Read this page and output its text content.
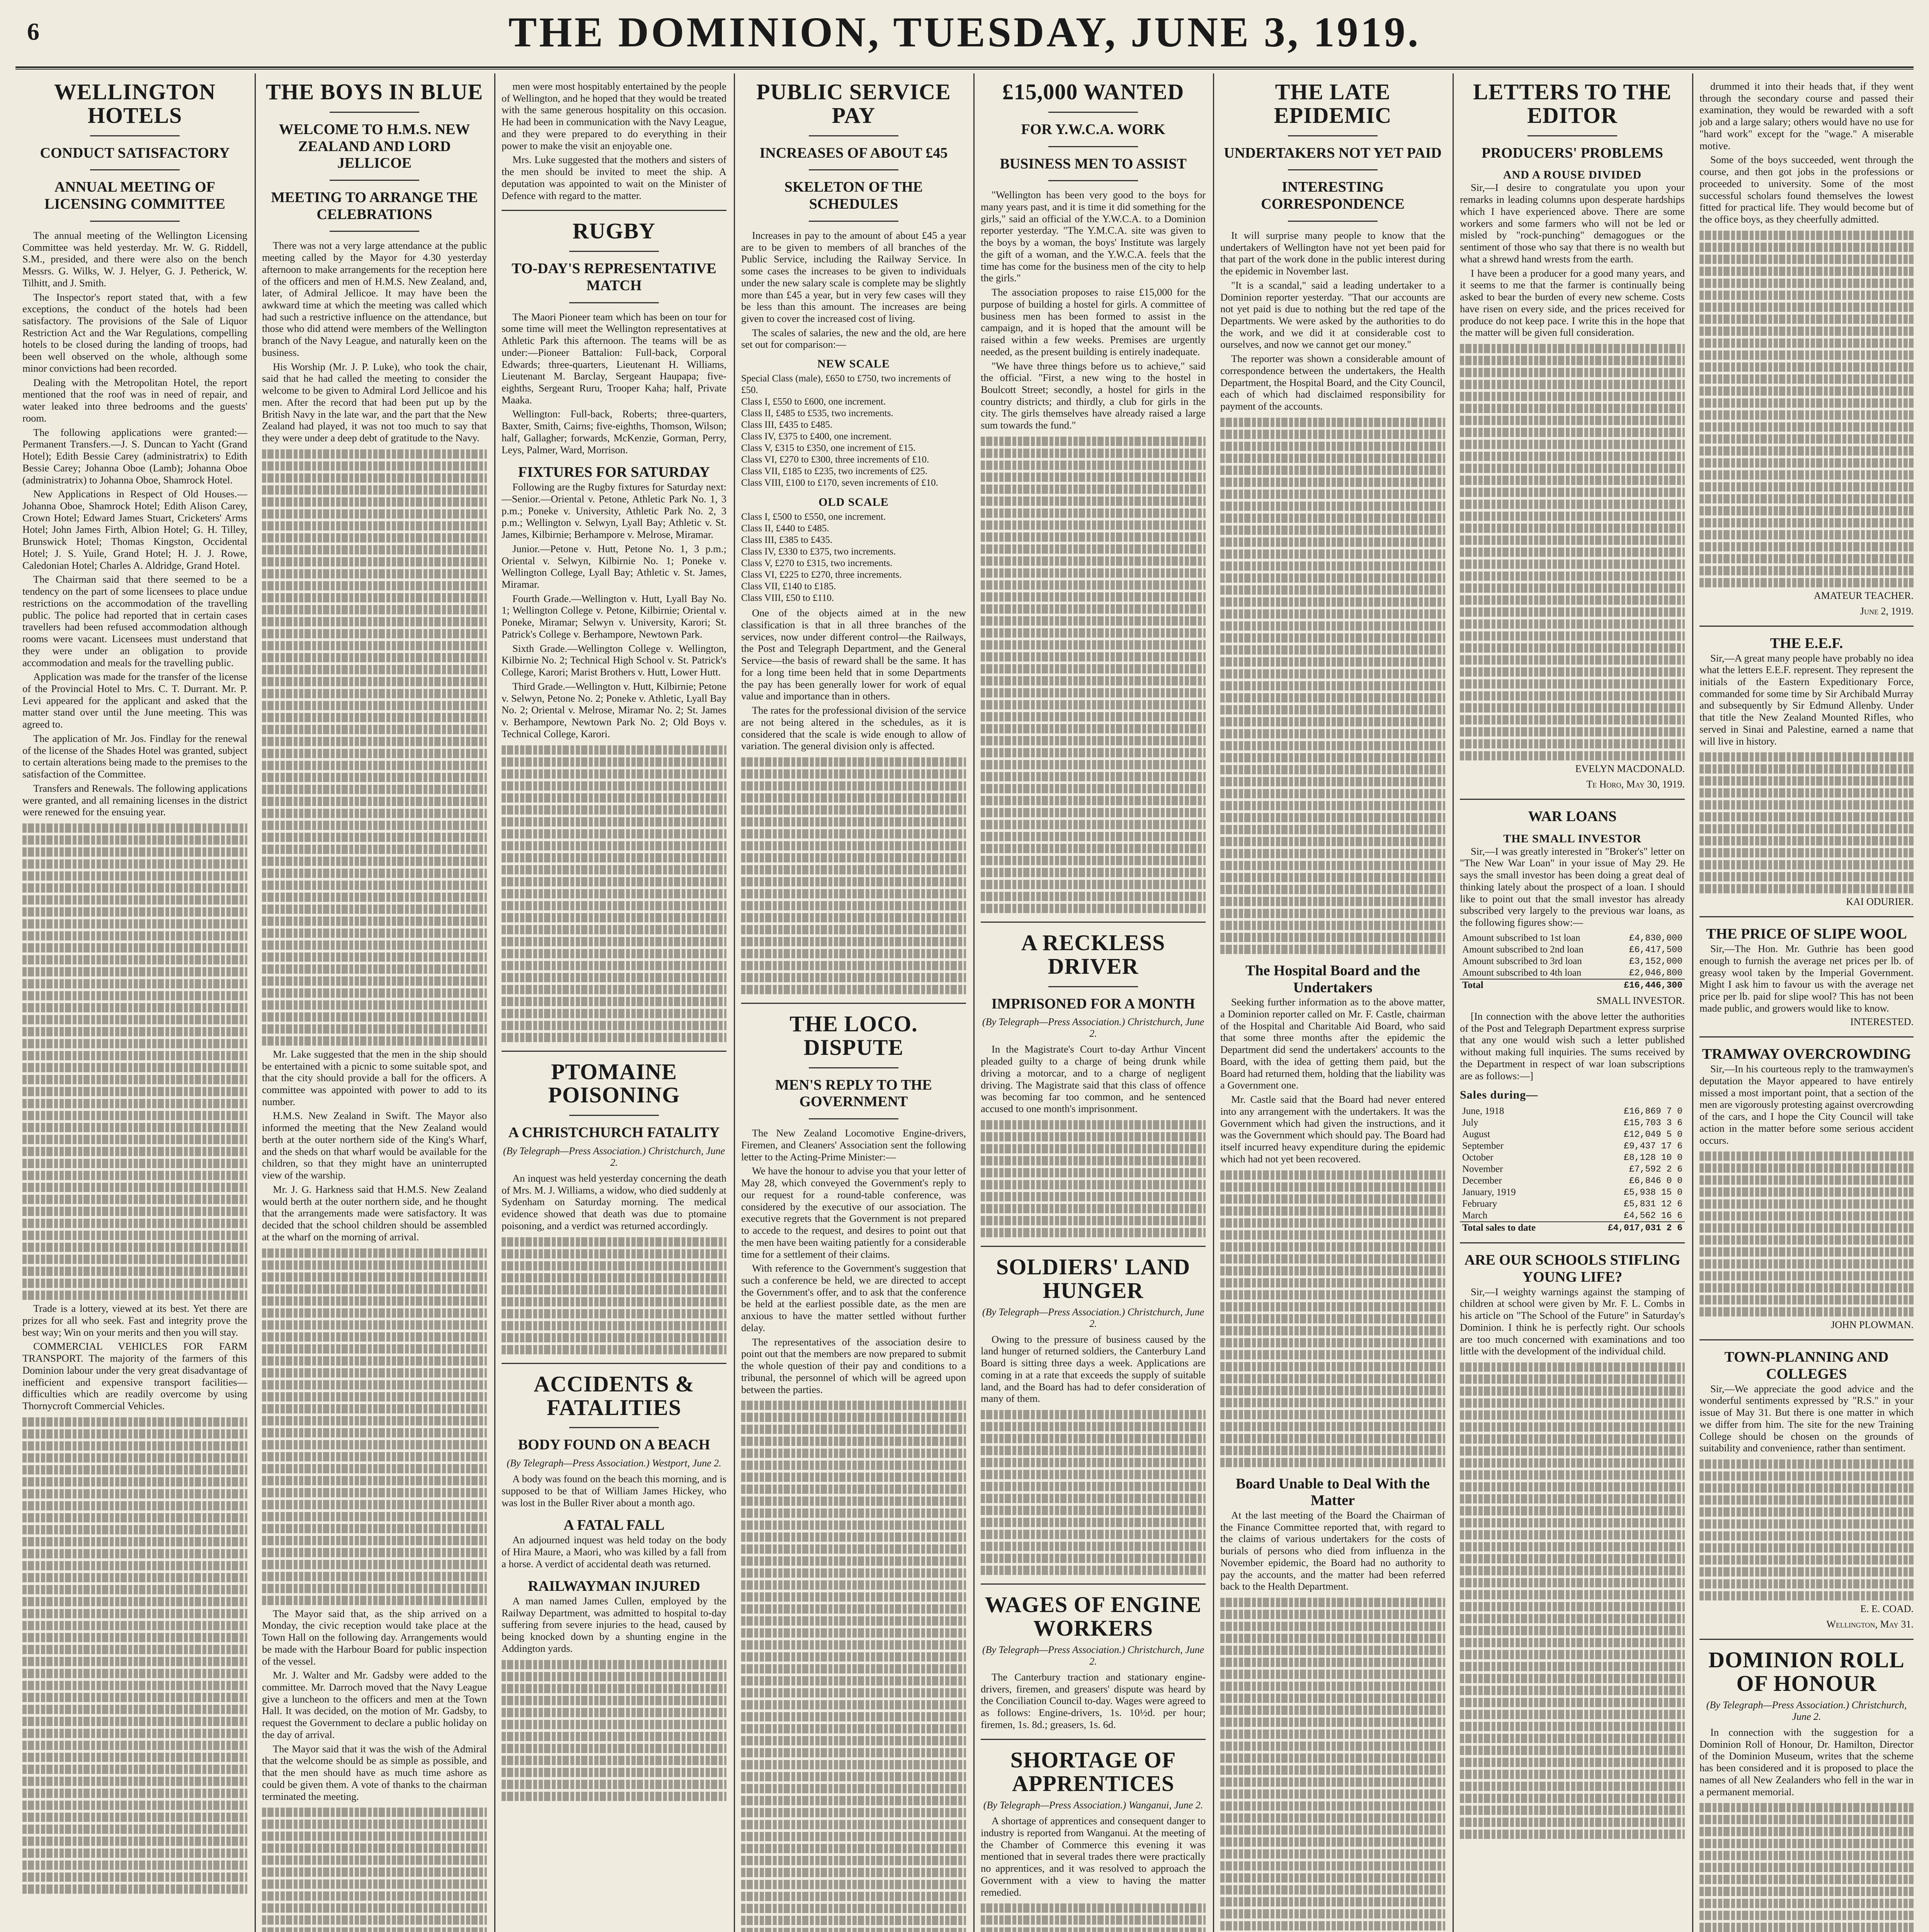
6	THE DOMINION, TUESDAY, JUNE 3, 1919.
WELLINGTON HOTELS
CONDUCT SATISFACTORY
ANNUAL MEETING OF LICENSING COMMITTEE

The annual meeting of the Wellington Licensing Committee was held yesterday. Mr. W. G. Riddell, S.M., presided, and there were also on the bench Messrs. G. Wilks, W. J. Helyer, G. J. Petherick, W. Tilhitt, and J. Smith.

The Inspector's report stated that, with a few exceptions, the conduct of the hotels had been satisfactory. The provisions of the Sale of Liquor Restriction Act and the War Regulations, compelling hotels to be closed during the landing of troops, had been well observed on the whole, although some minor convictions had been recorded.

Dealing with the Metropolitan Hotel, the report mentioned that the roof was in need of repair, and water leaked into three bedrooms and the guests' room.

The following applications were granted:—Permanent Transfers.—J. S. Duncan to Yacht (Grand Hotel); Edith Bessie Carey (administratrix) to Edith Bessie Carey; Johanna Oboe (Lamb); Johanna Oboe (administratrix) to Johanna Oboe, Shamrock Hotel.

New Applications in Respect of Old Houses.—Johanna Oboe, Shamrock Hotel; Edith Alison Carey, Crown Hotel; Edward James Stuart, Cricketers' Arms Hotel; John James Firth, Albion Hotel; G. H. Tilley, Brunswick Hotel; Thomas Kingston, Occidental Hotel; J. S. Yuile, Grand Hotel; H. J. J. Rowe, Caledonian Hotel; Charles A. Aldridge, Grand Hotel.

The Chairman said that there seemed to be a tendency on the part of some licensees to place undue restrictions on the accommodation of the travelling public. The police had reported that in certain cases travellers had been refused accommodation although rooms were vacant. Licensees must understand that they were under an obligation to provide accommodation and meals for the travelling public.

Application was made for the transfer of the license of the Provincial Hotel to Mrs. C. T. Durrant. Mr. P. Levi appeared for the applicant and asked that the matter stand over until the June meeting. This was agreed to.

The application of Mr. Jos. Findlay for the renewal of the license of the Shades Hotel was granted, subject to certain alterations being made to the premises to the satisfaction of the Committee.

Transfers and Renewals. The following applications were granted, and all remaining licenses in the district were renewed for the ensuing year.

Trade is a lottery, viewed at its best. Yet there are prizes for all who seek. Fast and integrity prove the best way; Win on your merits and then you will stay.

COMMERCIAL VEHICLES FOR FARM TRANSPORT. The majority of the farmers of this Dominion labour under the very great disadvantage of inefficient and expensive transport facilities—difficulties which are readily overcome by using Thornycroft Commercial Vehicles.

THE BOYS IN BLUE
WELCOME TO H.M.S. NEW ZEALAND AND LORD JELLICOE
MEETING TO ARRANGE THE CELEBRATIONS

There was not a very large attendance at the public meeting called by the Mayor for 4.30 yesterday afternoon to make arrangements for the reception here of the officers and men of H.M.S. New Zealand, and, later, of Admiral Jellicoe. It may have been the awkward time at which the meeting was called which had such a restrictive influence on the attendance, but those who did attend were members of the Wellington branch of the Navy League, and naturally keen on the business.

His Worship (Mr. J. P. Luke), who took the chair, said that he had called the meeting to consider the welcome to be given to Admiral Lord Jellicoe and his men. After the record that had been put up by the British Navy in the late war, and the part that the New Zealand had played, it was not too much to say that they were under a deep debt of gratitude to the Navy.

Mr. Lake suggested that the men in the ship should be entertained with a picnic to some suitable spot, and that the city should provide a ball for the officers. A committee was appointed with power to add to its number.

H.M.S. New Zealand in Swift. The Mayor also informed the meeting that the New Zealand would berth at the outer northern side of the King's Wharf, and the sheds on that wharf would be available for the children, so that they might have an uninterrupted view of the warship.

Mr. J. G. Harkness said that H.M.S. New Zealand would berth at the outer northern side, and he thought that the arrangements made were satisfactory. It was decided that the school children should be assembled at the wharf on the morning of arrival.

The Mayor said that, as the ship arrived on a Monday, the civic reception would take place at the Town Hall on the following day. Arrangements would be made with the Harbour Board for public inspection of the vessel.

Mr. J. Walter and Mr. Gadsby were added to the committee. Mr. Darroch moved that the Navy League give a luncheon to the officers and men at the Town Hall. It was decided, on the motion of Mr. Gadsby, to request the Government to declare a public holiday on the day of arrival.

The Mayor said that it was the wish of the Admiral that the welcome should be as simple as possible, and that the men should have as much time ashore as could be given them. A vote of thanks to the chairman terminated the meeting.

men were most hospitably entertained by the people of Wellington, and he hoped that they would be treated with the same generous hospitality on this occasion. He had been in communication with the Navy League, and they were prepared to do everything in their power to make the visit an enjoyable one.

Mrs. Luke suggested that the mothers and sisters of the men should be invited to meet the ship. A deputation was appointed to wait on the Minister of Defence with regard to the matter.

RUGBY
TO-DAY'S REPRESENTATIVE MATCH

The Maori Pioneer team which has been on tour for some time will meet the Wellington representatives at Athletic Park this afternoon. The teams will be as under:—Pioneer Battalion: Full-back, Corporal Edwards; three-quarters, Lieutenant H. Williams, Lieutenant M. Barclay, Sergeant Haupapa; five-eighths, Sergeant Ruru, Trooper Kaha; half, Private Maaka.

Wellington: Full-back, Roberts; three-quarters, Baxter, Smith, Cairns; five-eighths, Thomson, Wilson; half, Gallagher; forwards, McKenzie, Gorman, Perry, Leys, Palmer, Ward, Morrison.

FIXTURES FOR SATURDAY

Following are the Rugby fixtures for Saturday next:—Senior.—Oriental v. Petone, Athletic Park No. 1, 3 p.m.; Poneke v. University, Athletic Park No. 2, 3 p.m.; Wellington v. Selwyn, Lyall Bay; Athletic v. St. James, Kilbirnie; Berhampore v. Melrose, Miramar.

Junior.—Petone v. Hutt, Petone No. 1, 3 p.m.; Oriental v. Selwyn, Kilbirnie No. 1; Poneke v. Wellington College, Lyall Bay; Athletic v. St. James, Miramar.

Fourth Grade.—Wellington v. Hutt, Lyall Bay No. 1; Wellington College v. Petone, Kilbirnie; Oriental v. Poneke, Miramar; Selwyn v. University, Karori; St. Patrick's College v. Berhampore, Newtown Park.

Sixth Grade.—Wellington College v. Wellington, Kilbirnie No. 2; Technical High School v. St. Patrick's College, Karori; Marist Brothers v. Hutt, Lower Hutt.

Third Grade.—Wellington v. Hutt, Kilbirnie; Petone v. Selwyn, Petone No. 2; Poneke v. Athletic, Lyall Bay No. 2; Oriental v. Melrose, Miramar No. 2; St. James v. Berhampore, Newtown Park No. 2; Old Boys v. Technical College, Karori.

PTOMAINE POISONING
A CHRISTCHURCH FATALITY
(By Telegraph—Press Association.) Christchurch, June 2.

An inquest was held yesterday concerning the death of Mrs. M. J. Williams, a widow, who died suddenly at Sydenham on Saturday morning. The medical evidence showed that death was due to ptomaine poisoning, and a verdict was returned accordingly.

ACCIDENTS & FATALITIES
BODY FOUND ON A BEACH
(By Telegraph—Press Association.) Westport, June 2.

A body was found on the beach this morning, and is supposed to be that of William James Hickey, who was lost in the Buller River about a month ago.

A FATAL FALL

An adjourned inquest was held today on the body of Hira Maure, a Maori, who was killed by a fall from a horse. A verdict of accidental death was returned.

RAILWAYMAN INJURED

A man named James Cullen, employed by the Railway Department, was admitted to hospital to-day suffering from severe injuries to the head, caused by being knocked down by a shunting engine in the Addington yards.

PUBLIC SERVICE PAY
INCREASES OF ABOUT £45
SKELETON OF THE SCHEDULES

Increases in pay to the amount of about £45 a year are to be given to members of all branches of the Public Service, including the Railway Service. In some cases the increases to be given to individuals under the new salary scale is complete may be slightly more than £45 a year, but in very few cases will they be less than this amount. The increases are being given to cover the increased cost of living.

The scales of salaries, the new and the old, are here set out for comparison:—

NEW SCALE
Special Class (male), £650 to £750, two increments of £50.
Class I, £550 to £600, one increment.
Class II, £485 to £535, two increments.
Class III, £435 to £485.
Class IV, £375 to £400, one increment.
Class V, £315 to £350, one increment of £15.
Class VI, £270 to £300, three increments of £10.
Class VII, £185 to £235, two increments of £25.
Class VIII, £100 to £170, seven increments of £10.
OLD SCALE
Class I, £500 to £550, one increment.
Class II, £440 to £485.
Class III, £385 to £435.
Class IV, £330 to £375, two increments.
Class V, £270 to £315, two increments.
Class VI, £225 to £270, three increments.
Class VII, £140 to £185.
Class VIII, £50 to £110.

One of the objects aimed at in the new classification is that in all three branches of the services, now under different control—the Railways, the Post and Telegraph Department, and the General Service—the basis of reward shall be the same. It has for a long time been held that in some Departments the pay has been generally lower for work of equal value and importance than in others.

The rates for the professional division of the service are not being altered in the schedules, as it is considered that the scale is wide enough to allow of variation. The general division only is affected.

THE LOCO. DISPUTE
MEN'S REPLY TO THE GOVERNMENT

The New Zealand Locomotive Engine-drivers, Firemen, and Cleaners' Association sent the following letter to the Acting-Prime Minister:—

We have the honour to advise you that your letter of May 28, which conveyed the Government's reply to our request for a round-table conference, was considered by the executive of our association. The executive regrets that the Government is not prepared to accede to the request, and desires to point out that the men have been waiting patiently for a considerable time for a settlement of their claims.

With reference to the Government's suggestion that such a conference be held, we are directed to accept the Government's offer, and to ask that the conference be held at the earliest possible date, as the men are anxious to have the matter settled without further delay.

The representatives of the association desire to point out that the members are now prepared to submit the whole question of their pay and conditions to a tribunal, the personnel of which will be agreed upon between the parties.

£15,000 WANTED
FOR Y.W.C.A. WORK
BUSINESS MEN TO ASSIST

"Wellington has been very good to the boys for many years past, and it is time it did something for the girls," said an official of the Y.W.C.A. to a Dominion reporter yesterday. "The Y.M.C.A. site was given to the boys by a woman, the boys' Institute was largely the gift of a woman, and the Y.W.C.A. feels that the time has come for the business men of the city to help the girls."

The association proposes to raise £15,000 for the purpose of building a hostel for girls. A committee of business men has been formed to assist in the campaign, and it is hoped that the amount will be raised within a few weeks. Premises are urgently needed, as the present building is entirely inadequate.

"We have three things before us to achieve," said the official. "First, a new wing to the hostel in Boulcott Street; secondly, a hostel for girls in the country districts; and thirdly, a club for girls in the city. The girls themselves have already raised a large sum towards the fund."

A RECKLESS DRIVER
IMPRISONED FOR A MONTH
(By Telegraph—Press Association.) Christchurch, June 2.

In the Magistrate's Court to-day Arthur Vincent pleaded guilty to a charge of being drunk while driving a motorcar, and to a charge of negligent driving. The Magistrate said that this class of offence was becoming far too common, and he sentenced accused to one month's imprisonment.

SOLDIERS' LAND HUNGER
(By Telegraph—Press Association.) Christchurch, June 2.

Owing to the pressure of business caused by the land hunger of returned soldiers, the Canterbury Land Board is sitting three days a week. Applications are coming in at a rate that exceeds the supply of suitable land, and the Board has had to defer consideration of many of them.

WAGES OF ENGINE WORKERS
(By Telegraph—Press Association.) Christchurch, June 2.

The Canterbury traction and stationary engine-drivers, firemen, and greasers' dispute was heard by the Conciliation Council to-day. Wages were agreed to as follows: Engine-drivers, 1s. 10½d. per hour; firemen, 1s. 8d.; greasers, 1s. 6d.

SHORTAGE OF APPRENTICES
(By Telegraph—Press Association.) Wanganui, June 2.

A shortage of apprentices and consequent danger to industry is reported from Wanganui. At the meeting of the Chamber of Commerce this evening it was mentioned that in several trades there were practically no apprentices, and it was resolved to approach the Government with a view to having the matter remedied.

THE LATE EPIDEMIC
UNDERTAKERS NOT YET PAID
INTERESTING CORRESPONDENCE

It will surprise many people to know that the undertakers of Wellington have not yet been paid for that part of the work done in the public interest during the epidemic in November last.

"It is a scandal," said a leading undertaker to a Dominion reporter yesterday. "That our accounts are not yet paid is due to nothing but the red tape of the Departments. We were asked by the authorities to do the work, and we did it at considerable cost to ourselves, and now we cannot get our money."

The reporter was shown a considerable amount of correspondence between the undertakers, the Health Department, the Hospital Board, and the City Council, each of which had disclaimed responsibility for payment of the accounts.

The Hospital Board and the Undertakers

Seeking further information as to the above matter, a Dominion reporter called on Mr. F. Castle, chairman of the Hospital and Charitable Aid Board, who said that some three months after the epidemic the Department did send the undertakers' accounts to the Board, with the idea of getting them paid, but the Board had returned them, holding that the liability was a Government one.

Mr. Castle said that the Board had never entered into any arrangement with the undertakers. It was the Government which had given the instructions, and it was the Government which should pay. The Board had itself incurred heavy expenditure during the epidemic which had not yet been recovered.

Board Unable to Deal With the Matter

At the last meeting of the Board the Chairman of the Finance Committee reported that, with regard to the claims of various undertakers for the costs of burials of persons who died from influenza in the November epidemic, the Board had no authority to pay the accounts, and the matter had been referred back to the Health Department.

LETTERS TO THE EDITOR
PRODUCERS' PROBLEMS
AND A ROUSE DIVIDED

Sir,—I desire to congratulate you upon your remarks in leading columns upon desperate hardships which I have experienced above. There are some workers and some farmers who will not be led or misled by "rock-punching" demagogues or the sentiment of those who say that there is no wealth but what a shrewd hand wrests from the earth.

I have been a producer for a good many years, and it seems to me that the farmer is continually being asked to bear the burden of every new scheme. Costs have risen on every side, and the prices received for produce do not keep pace. I write this in the hope that the matter will be given full consideration.

EVELYN MACDONALD.
Te Horo, May 30, 1919.
WAR LOANS
THE SMALL INVESTOR

Sir,—I was greatly interested in "Broker's" letter on "The New War Loan" in your issue of May 29. He says the small investor has been doing a great deal of thinking lately about the prospect of a loan. I should like to point out that the small investor has already subscribed very largely to the previous war loans, as the following figures show:—

Amount subscribed to 1st loan	£4,830,000
Amount subscribed to 2nd loan	£6,417,500
Amount subscribed to 3rd loan	£3,152,000
Amount subscribed to 4th loan	£2,046,800
Total	£16,446,300
SMALL INVESTOR.

[In connection with the above letter the authorities of the Post and Telegraph Department express surprise that any one would wish such a letter published without making full inquiries. The sums received by the Department in respect of war loan subscriptions are as follows:—]

Sales during—
June, 1918	£16,869 7 0
July	£15,703 3 6
August	£12,049 5 0
September	£9,437 17 6
October	£8,128 10 0
November	£7,592 2 6
December	£6,846 0 0
January, 1919	£5,938 15 0
February	£5,831 12 6
March	£4,562 16 6
Total sales to date	£4,017,031 2 6
ARE OUR SCHOOLS STIFLING YOUNG LIFE?

Sir,—I weighty warnings against the stamping of children at school were given by Mr. F. L. Combs in his article on "The School of the Future" in Saturday's Dominion. I think he is perfectly right. Our schools are too much concerned with examinations and too little with the development of the individual child.

drummed it into their heads that, if they went through the secondary course and passed their examination, they would be rewarded with a soft job and a large salary; others would have no use for "hard work" except for the "wage." A miserable motive.

Some of the boys succeeded, went through the course, and then got jobs in the professions or proceeded to university. Some of the most successful scholars found themselves the lowest fitted for practical life. They would become but of the office boys, as they cheerfully admitted.

AMATEUR TEACHER.
June 2, 1919.
THE E.E.F.

Sir,—A great many people have probably no idea what the letters E.E.F. represent. They represent the initials of the Eastern Expeditionary Force, commanded for some time by Sir Archibald Murray and subsequently by Sir Edmund Allenby. Under that title the New Zealand Mounted Rifles, who served in Sinai and Palestine, earned a name that will live in history.

KAI ODURIER.
THE PRICE OF SLIPE WOOL

Sir,—The Hon. Mr. Guthrie has been good enough to furnish the average net prices per lb. of greasy wool taken by the Imperial Government. Might I ask him to favour us with the average net price per lb. paid for slipe wool? This has not been made public, and growers would like to know.

INTERESTED.
TRAMWAY OVERCROWDING

Sir,—In his courteous reply to the tramwaymen's deputation the Mayor appeared to have entirely missed a most important point, that a section of the men are vigorously protesting against overcrowding of the cars, and I hope the City Council will take action in the matter before some serious accident occurs.

JOHN PLOWMAN.
TOWN-PLANNING AND COLLEGES

Sir,—We appreciate the good advice and the wonderful sentiments expressed by "R.S." in your issue of May 31. But there is one matter in which we differ from him. The site for the new Training College should be chosen on the grounds of suitability and convenience, rather than sentiment.

E. E. COAD.
Wellington, May 31.
DOMINION ROLL OF HONOUR
(By Telegraph—Press Association.) Christchurch, June 2.

In connection with the suggestion for a Dominion Roll of Honour, Dr. Hamilton, Director of the Dominion Museum, writes that the scheme has been considered and it is proposed to place the names of all New Zealanders who fell in the war in a permanent memorial.
